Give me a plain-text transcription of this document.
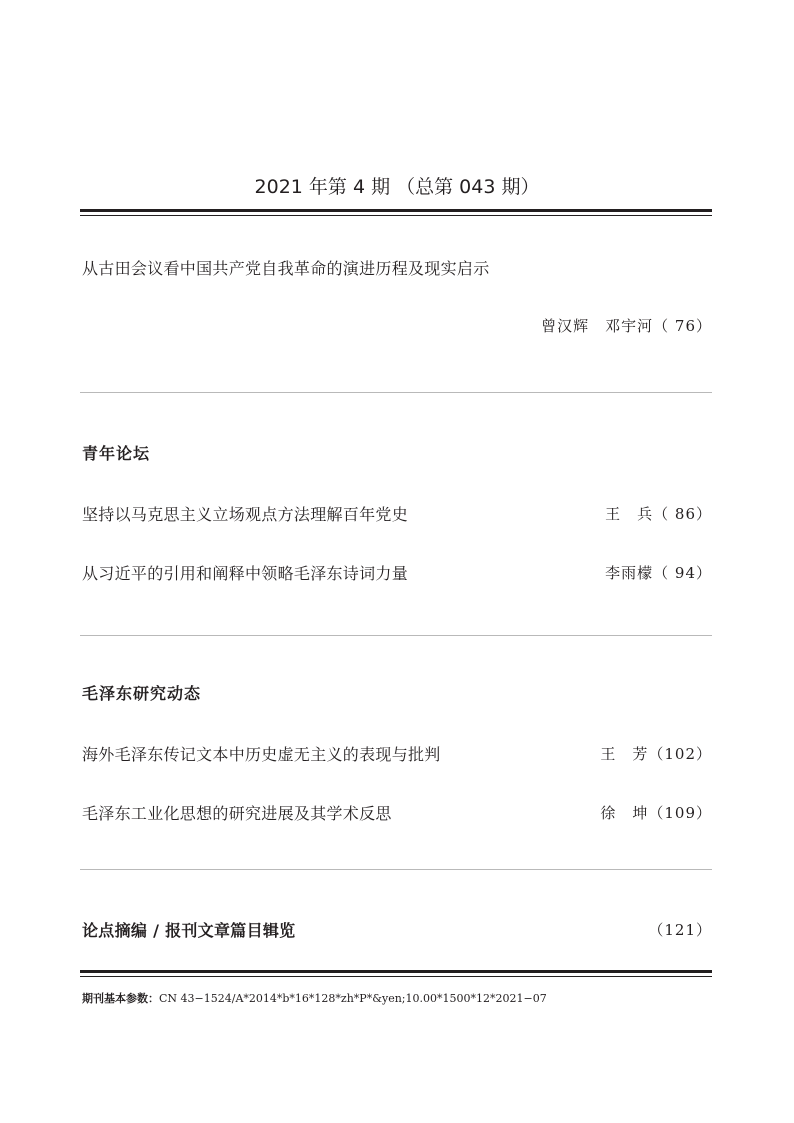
2021 年第 4 期 （总第 043 期）
从古田会议看中国共产党自我革命的演进历程及现实启示
曾汉辉　邓宇河（ 76）
青年论坛
坚持以马克思主义立场观点方法理解百年党史	王　兵（ 86）
从习近平的引用和阐释中领略毛泽东诗词力量	李雨檬（ 94）
毛泽东研究动态
海外毛泽东传记文本中历史虚无主义的表现与批判	王　芳（102）
毛泽东工业化思想的研究进展及其学术反思	徐　坤（109）
论点摘编 / 报刊文章篇目辑览	（121）
期刊基本参数：CN 43−1524/A*2014*b*16*128*zh*P*&yen;10.00*1500*12*2021−07
